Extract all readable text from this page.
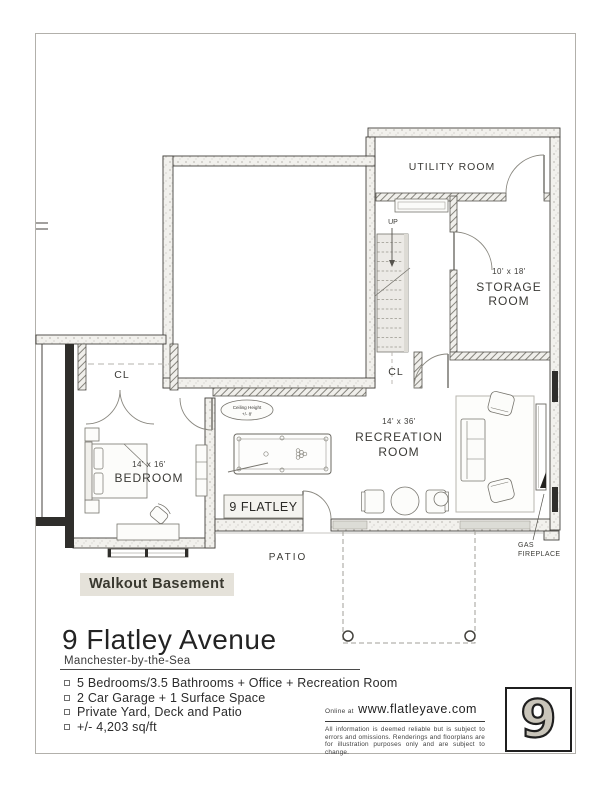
UTILITY ROOM
10' x 18'
STORAGE
ROOM
UP
CL
CL
14' x 36'
RECREATION
ROOM
14' x 16'
BEDROOM
Ceiling Height
+/- 8'
9 FLATLEY
PATIO
GAS
FIREPLACE
Walkout Basement
9 Flatley Avenue
Manchester-by-the-Sea
5 Bedrooms/3.5 Bathrooms + Office + Recreation Room
2 Car Garage + 1 Surface Space
Private Yard, Deck and Patio
+/- 4,203 sq/ft
Online at www.flatleyave.com
All information is deemed reliable but is subject to errors and omissions. Renderings and floorplans are for illustration purposes only and are subject to change.
9
